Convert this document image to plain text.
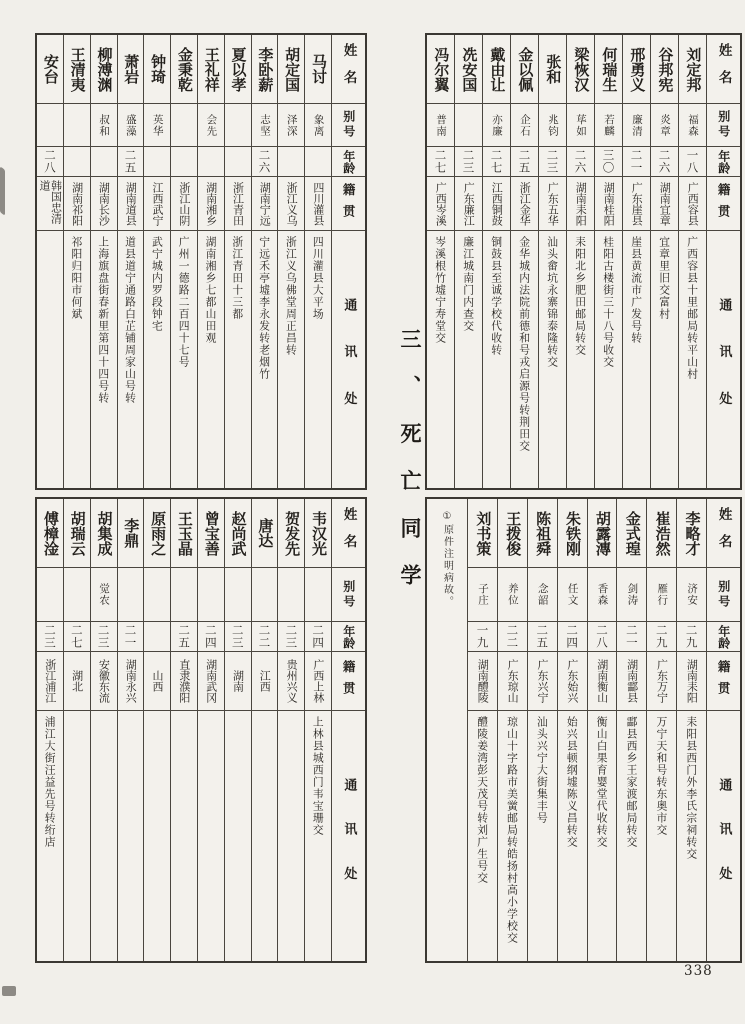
姓名
别号
年龄
籍贯
通讯处
马讨
象离
四川灌县
四川灌县大平场
胡定国
泽深
浙江义乌
浙江义乌佛堂周正昌转
李卧薪
志坚
二六
湖南宁远
宁远禾亭墟李永发转老烟竹
夏以孝
浙江青田
浙江青田十三都
王礼祥
会先
湖南湘乡
湖南湘乡七都山田观
金秉乾
浙江山阴
广州一德路二百四十七号
钟琦
英华
江西武宁
武宁城内罗段钟宅
萧岩
盛藻
二五
湖南道县
道县道宁通路白芷铺周家山号转
柳溥渊
叔和
湖南长沙
上海旗盘街春新里第四十四号转
王清夷
湖南祁阳
祁阳归阳市何斌
安台
二八
韩国忠清道
姓名
别号
年龄
籍贯
通讯处
刘定邦
福森
一八
广西容县
广西容县十里邮局转平山村
谷邦宪
炎章
二六
湖南宜章
宜章里旧交富村
邢勇义
廉清
二一
广东崖县
崖县黄流市广发号转
何瑞生
若麟
三〇
湖南桂阳
桂阳古楼街三十八号收交
梁恢汉
荜如
二六
湖南耒阳
耒阳北乡肥田邮局转交
张和
兆钧
二三
广东五华
汕头畲坑永寨锦泰隆转交
金以佩
企石
二五
浙江金华
金华城内法院前德和号戎启源号转荆田交
戴由让
亦廉
二七
江西铜鼓
铜鼓县至诚学校代收转
冼安国
二三
广东廉江
廉江城南门内查交
冯尔翼
普南
二七
广西岑溪
岑溪根竹墟宁寿堂交
姓名
别号
年龄
籍贯
通讯处
韦汉光
二四
广西上林
上林县城西门韦宝珊交
贺发先
二三
贵州兴义
唐达
二二
江西
赵尚武
二三
湖南
曾宝善
二四
湖南武冈
王玉晶
二五
直隶濮阳
原雨之
山西
李鼎
二一
湖南永兴
胡集成
觉农
二三
安徽东流
胡瑞云
二七
湖北
傅樟淦
二三
浙江浦江
浦江大街汪益先号转绗店
姓名
别号
年龄
籍贯
通讯处
李略才
济安
二九
湖南耒阳
耒阳县西门外李氏宗祠转交
崔浩然
雁行
二九
广东万宁
万宁天和号转东奥市交
金式瑝
剑涛
二一
湖南酃县
酃县西乡王家渡邮局转交
胡露漙
香森
二八
湖南衡山
衡山白果育婴堂代收转交
朱铁刚
任文
二四
广东始兴
始兴县顿纲墟陈义昌转交
陈祖舜
念韶
二五
广东兴宁
汕头兴宁大街集丰号
王拨俊
养位
二二
广东琼山
琼山十字路市美黉邮局转皓扬村高小学校交
刘书策
子庄
一九
湖南醴陵
醴陵姜湾彭天茂号转刘广生号交
①原件注明病故。
三、死亡同学
338
